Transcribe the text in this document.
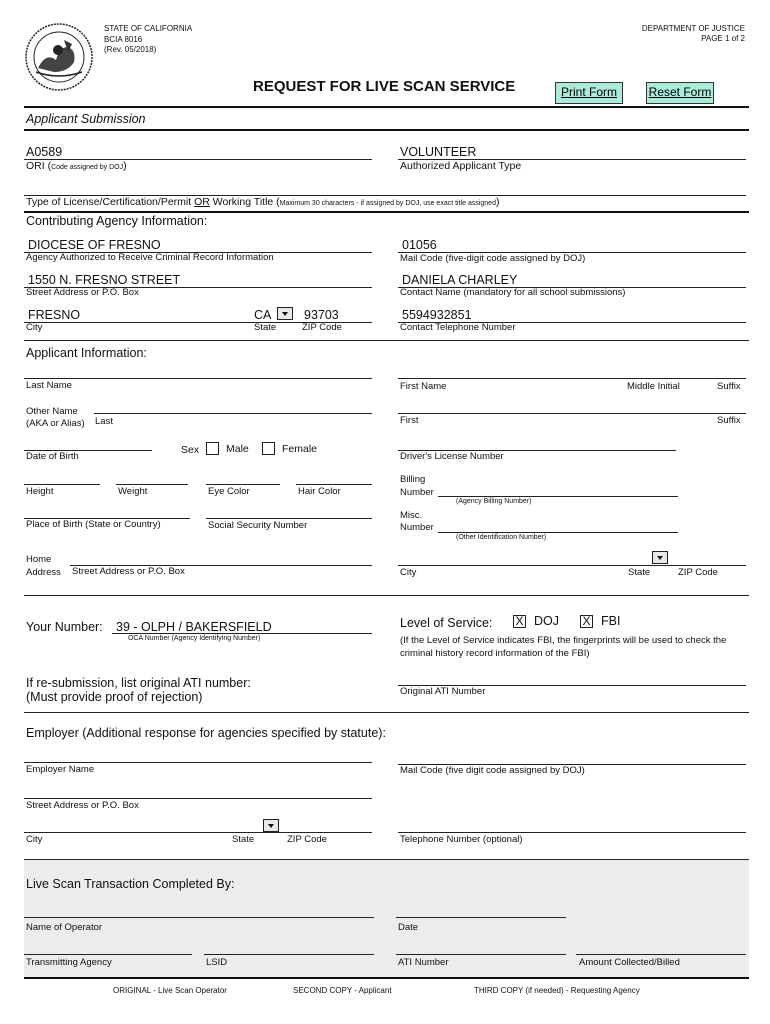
STATE OF CALIFORNIA
BCIA 8016
(Rev. 05/2018)
DEPARTMENT OF JUSTICE
PAGE 1 of 2
REQUEST FOR LIVE SCAN SERVICE	Print Form	Reset Form
Applicant Submission
A0589
ORI (Code assigned by DOJ)
VOLUNTEER
Authorized Applicant Type
Type of License/Certification/Permit OR Working Title (Maximum 30 characters - if assigned by DOJ, use exact title assigned)
Contributing Agency Information:
DIOCESE OF FRESNO
Agency Authorized to Receive Criminal Record Information
01056
Mail Code (five-digit code assigned by DOJ)
1550 N. FRESNO STREET
Street Address or P.O. Box
DANIELA CHARLEY
Contact Name (mandatory for all school submissions)
FRESNO
City
CA
State
93703
ZIP Code
5594932851
Contact Telephone Number
Applicant Information:
Last Name	First Name	Middle Initial	Suffix
Other Name
(AKA or Alias) Last	First	Suffix
Date of Birth
Sex	Male	Female
Driver's License Number
Height	Weight	Eye Color	Hair Color
Billing
Number
(Agency Billing Number)
Place of Birth (State or Country)	Social Security Number
Misc.
Number
(Other Identification Number)
Home
Address Street Address or P.O. Box	City	State	ZIP Code
Your Number: 39 - OLPH / BAKERSFIELD
OCA Number (Agency Identifying Number)
Level of Service: X DOJ X FBI
(If the Level of Service indicates FBI, the fingerprints will be used to check the
criminal history record information of the FBI)
If re-submission, list original ATI number:
(Must provide proof of rejection)	Original ATI Number
Employer (Additional response for agencies specified by statute):
Employer Name	Mail Code (five digit code assigned by DOJ)
Street Address or P.O. Box
City	State	ZIP Code	Telephone Number (optional)
Live Scan Transaction Completed By:
Name of Operator	Date
Transmitting Agency	LSID	ATI Number	Amount Collected/Billed
ORIGINAL - Live Scan Operator	SECOND COPY - Applicant	THIRD COPY (if needed) - Requesting Agency
